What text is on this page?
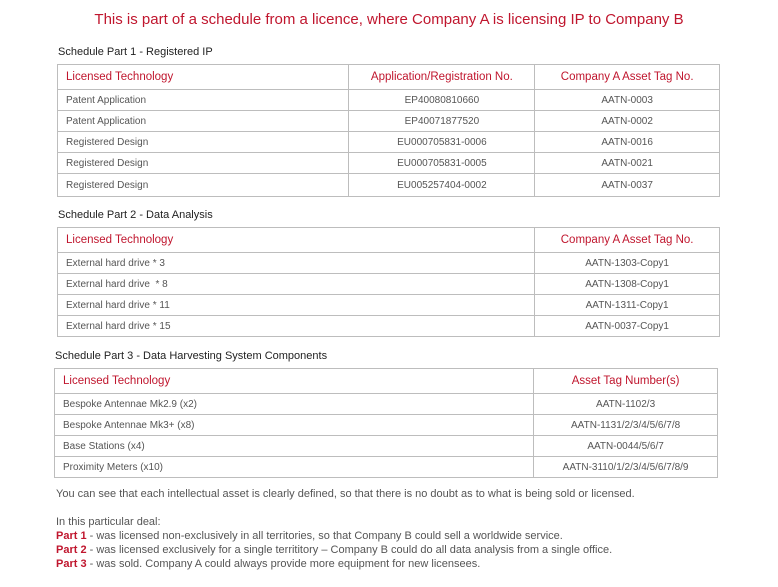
This is part of a schedule from a licence, where Company A is licensing IP to Company B
Schedule Part 1 - Registered IP
Licensed Technology	Application/Registration No.	Company A Asset Tag No.
Patent Application	EP40080810660	AATN-0003
Patent Application	EP40071877520	AATN-0002
Registered Design	EU000705831-0006	AATN-0016
Registered Design	EU000705831-0005	AATN-0021
Registered Design	EU005257404-0002	AATN-0037
Schedule Part 2 - Data Analysis
Licensed Technology	Company A Asset Tag No.
External hard drive * 3	AATN-1303-Copy1
External hard drive  * 8	AATN-1308-Copy1
External hard drive * 11	AATN-1311-Copy1
External hard drive * 15	AATN-0037-Copy1
Schedule Part 3 - Data Harvesting System Components
Licensed Technology	Asset Tag Number(s)
Bespoke Antennae Mk2.9 (x2)	AATN-1102/3
Bespoke Antennae Mk3+ (x8)	AATN-1131/2/3/4/5/6/7/8
Base Stations (x4)	AATN-0044/5/6/7
Proximity Meters (x10)	AATN-3110/1/2/3/4/5/6/7/8/9
You can see that each intellectual asset is clearly defined, so that there is no doubt as to what is being sold or licensed.
In this particular deal:
Part 1 - was licensed non-exclusively in all territories, so that Company B could sell a worldwide service.
Part 2 - was licensed exclusively for a single territitory – Company B could do all data analysis from a single office.
Part 3 - was sold. Company A could always provide more equipment for new licensees.
